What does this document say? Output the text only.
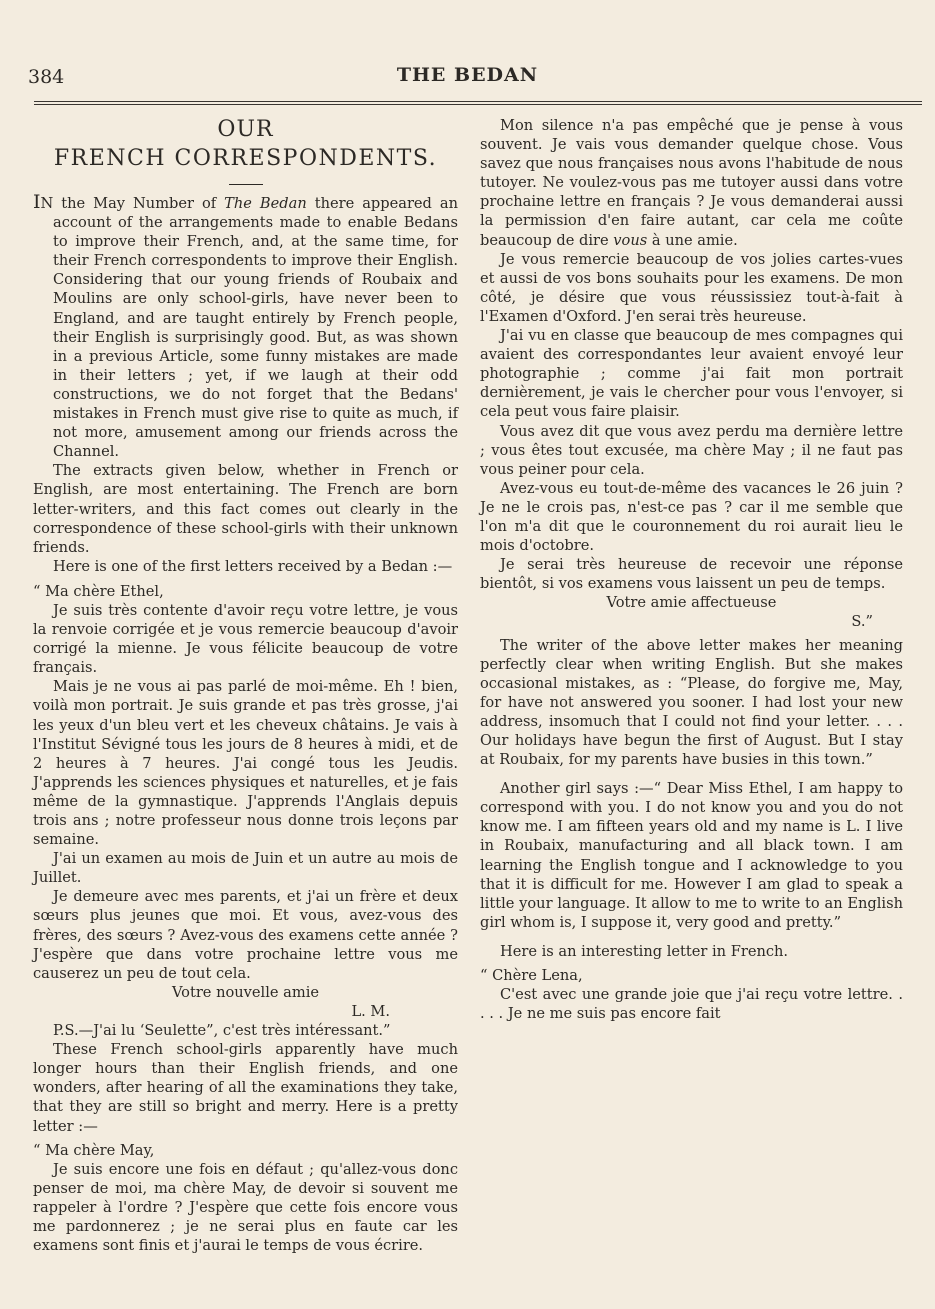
384	THE BEDAN

OUR

FRENCH CORRESPONDENTS.

IN the May Number of The Bedan there appeared an account of the arrangements made to enable Bedans to improve their French, and, at the same time, for their French correspondents to improve their English. Considering that our young friends of Roubaix and Moulins are only school-girls, have never been to England, and are taught entirely by French people, their English is surprisingly good. But, as was shown in a previous Article, some funny mistakes are made in their letters ; yet, if we laugh at their odd constructions, we do not forget that the Bedans' mistakes in French must give rise to quite as much, if not more, amusement among our friends across the Channel.

The extracts given below, whether in French or English, are most entertaining. The French are born letter-writers, and this fact comes out clearly in the correspondence of these school-girls with their unknown friends.

Here is one of the first letters received by a Bedan :—

“ Ma chère Ethel,

Je suis très contente d'avoir reçu votre lettre, je vous la renvoie corrigée et je vous remercie beaucoup d'avoir corrigé la mienne. Je vous félicite beaucoup de votre français.

Mais je ne vous ai pas parlé de moi-même. Eh ! bien, voilà mon portrait. Je suis grande et pas très grosse, j'ai les yeux d'un bleu vert et les cheveux châtains. Je vais à l'Institut Sévigné tous les jours de 8 heures à midi, et de 2 heures à 7 heures. J'ai congé tous les Jeudis. J'apprends les sciences physiques et naturelles, et je fais même de la gymnastique. J'apprends l'Anglais depuis trois ans ; notre professeur nous donne trois leçons par semaine.

J'ai un examen au mois de Juin et un autre au mois de Juillet.

Je demeure avec mes parents, et j'ai un frère et deux sœurs plus jeunes que moi. Et vous, avez-vous des frères, des sœurs ? Avez-vous des examens cette année ? J'espère que dans votre prochaine lettre vous me causerez un peu de tout cela.

Votre nouvelle amie

L. M.

P.S.—J'ai lu ‘Seulette”, c'est très intéressant.”

These French school-girls apparently have much longer hours than their English friends, and one wonders, after hearing of all the examinations they take, that they are still so bright and merry. Here is a pretty letter :—

“ Ma chère May,

Je suis encore une fois en défaut ; qu'allez-vous donc penser de moi, ma chère May, de devoir si souvent me rappeler à l'ordre ? J'espère que cette fois encore vous me pardonnerez ; je ne serai plus en faute car les examens sont finis et j'aurai le temps de vous écrire.

Mon silence n'a pas empêché que je pense à vous souvent. Je vais vous demander quelque chose. Vous savez que nous françaises nous avons l'habitude de nous tutoyer. Ne voulez-vous pas me tutoyer aussi dans votre prochaine lettre en français ? Je vous demanderai aussi la permission d'en faire autant, car cela me coûte beaucoup de dire vous à une amie.

Je vous remercie beaucoup de vos jolies cartes-vues et aussi de vos bons souhaits pour les examens. De mon côté, je désire que vous réussissiez tout-à-fait à l'Examen d'Oxford. J'en serai très heureuse.

J'ai vu en classe que beaucoup de mes compagnes qui avaient des correspondantes leur avaient envoyé leur photographie ; comme j'ai fait mon portrait dernièrement, je vais le chercher pour vous l'envoyer, si cela peut vous faire plaisir.

Vous avez dit que vous avez perdu ma dernière lettre ; vous êtes tout excusée, ma chère May ; il ne faut pas vous peiner pour cela.

Avez-vous eu tout-de-même des vacances le 26 juin ? Je ne le crois pas, n'est-ce pas ? car il me semble que l'on m'a dit que le couronnement du roi aurait lieu le mois d'octobre.

Je serai très heureuse de recevoir une réponse bientôt, si vos examens vous laissent un peu de temps.

Votre amie affectueuse

S.”

The writer of the above letter makes her meaning perfectly clear when writing English. But she makes occasional mistakes, as : “Please, do forgive me, May, for have not answered you sooner. I had lost your new address, insomuch that I could not find your letter. . . . Our holidays have begun the first of August. But I stay at Roubaix, for my parents have busies in this town.”

Another girl says :—“ Dear Miss Ethel, I am happy to correspond with you. I do not know you and you do not know me. I am fifteen years old and my name is L. I live in Roubaix, manufacturing and all black town. I am learning the English tongue and I acknowledge to you that it is difficult for me. However I am glad to speak a little your language. It allow to me to write to an English girl whom is, I suppose it, very good and pretty.”

Here is an interesting letter in French.

“ Chère Lena,

C'est avec une grande joie que j'ai reçu votre lettre. . . . . Je ne me suis pas encore fait
